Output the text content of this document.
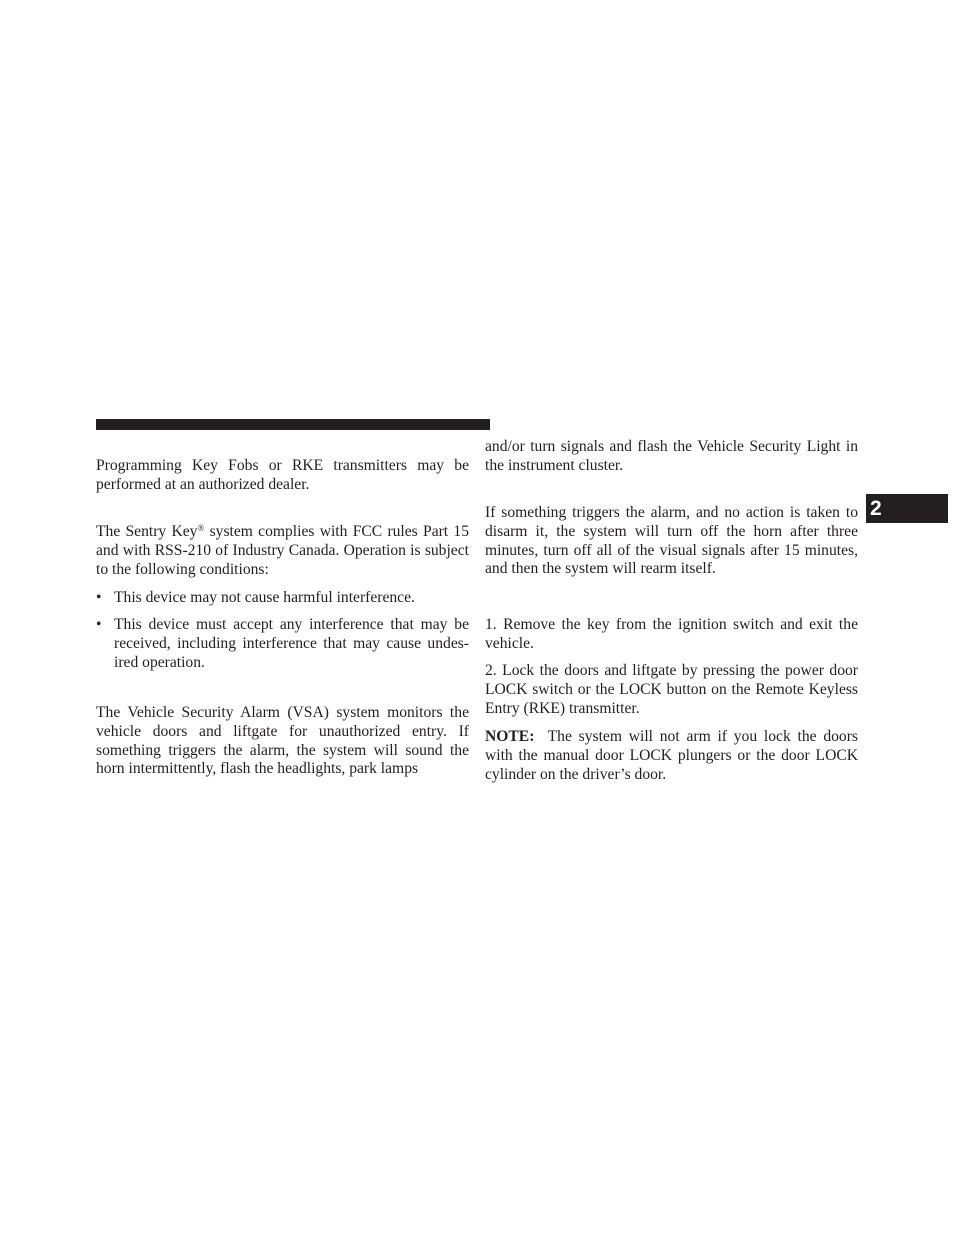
Programming Key Fobs or RKE transmitters may be performed at an authorized dealer.

The Sentry Key® system complies with FCC rules Part 15 and with RSS-210 of Industry Canada. Operation is subject to the following conditions:

• This device may not cause harmful interference.
• This device must accept any interference that may be received, including interference that may cause undes-ired operation.

The Vehicle Security Alarm (VSA) system monitors the vehicle doors and liftgate for unauthorized entry. If something triggers the alarm, the system will sound the horn intermittently, flash the headlights, park lamps

and/or turn signals and flash the Vehicle Security Light in the instrument cluster.

If something triggers the alarm, and no action is taken to disarm it, the system will turn off the horn after three minutes, turn off all of the visual signals after 15 minutes, and then the system will rearm itself.

1. Remove the key from the ignition switch and exit the vehicle.

2. Lock the doors and liftgate by pressing the power door LOCK switch or the LOCK button on the Remote Keyless Entry (RKE) transmitter.

NOTE:  The system will not arm if you lock the doors with the manual door LOCK plungers or the door LOCK cylinder on the driver’s door.

2
